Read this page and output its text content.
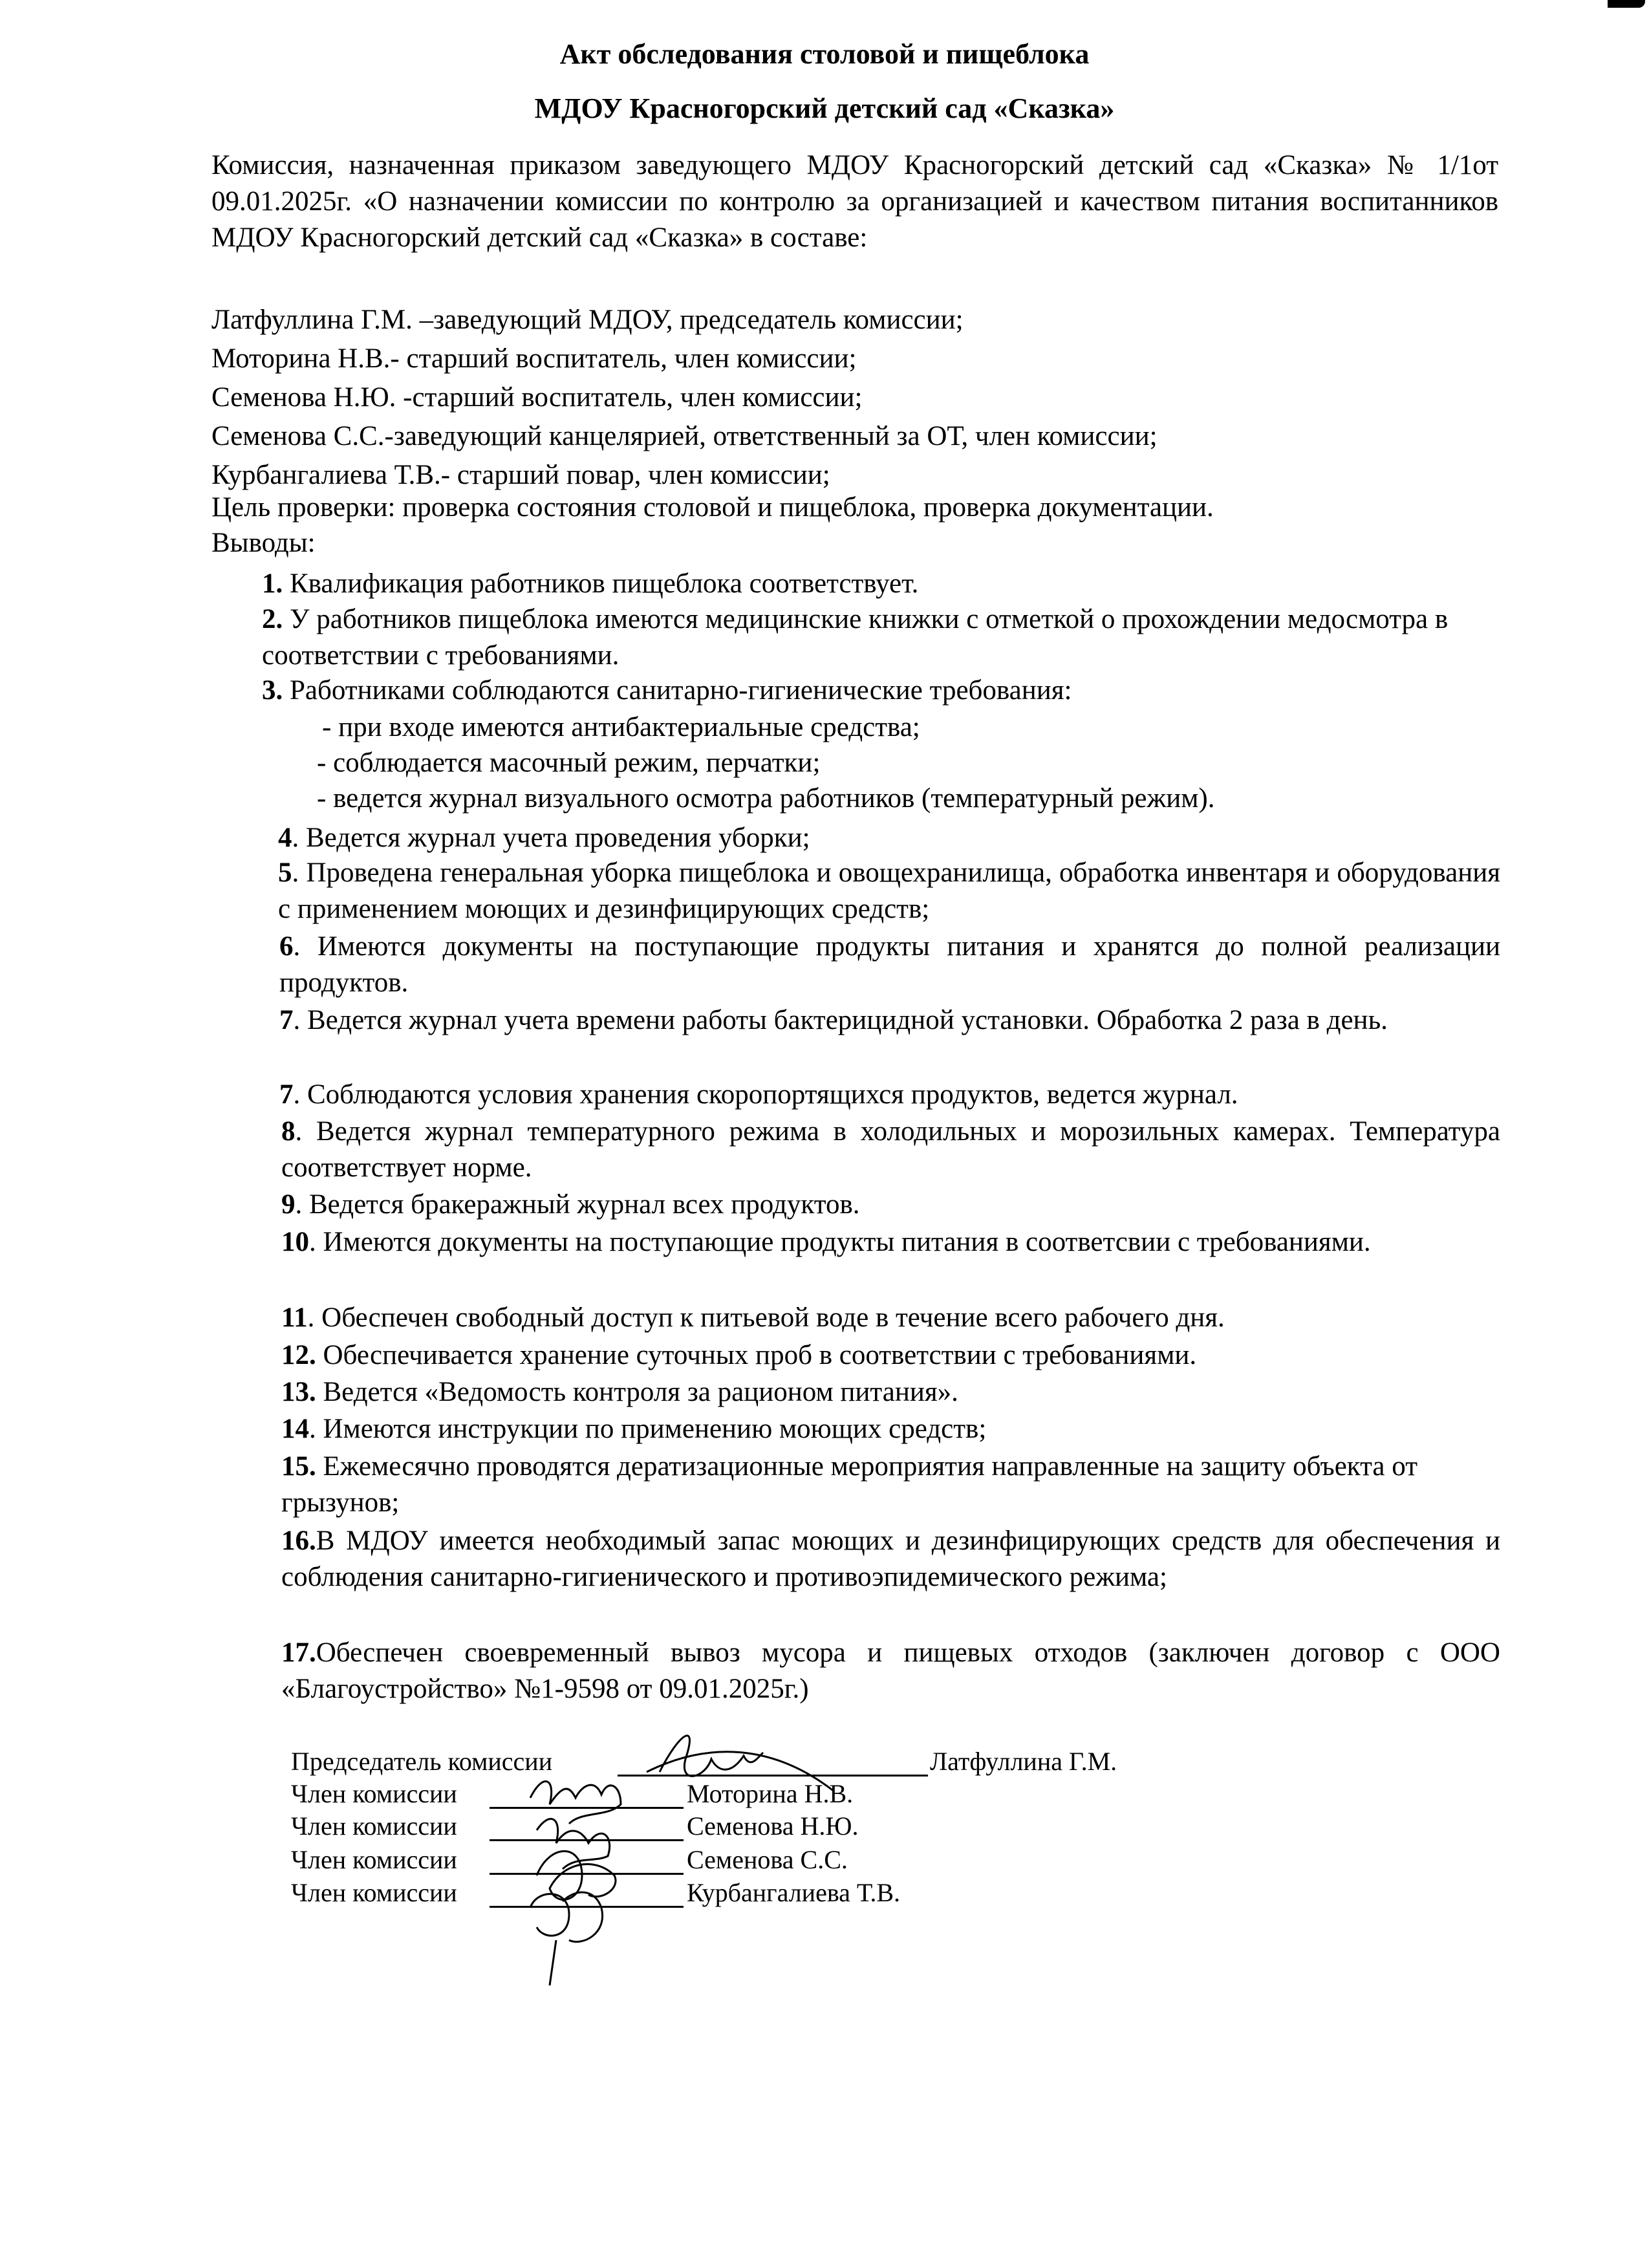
Акт обследования столовой и пищеблока
МДОУ Красногорский детский сад «Сказка»
Комиссия, назначенная приказом заведующего МДОУ Красногорский детский сад «Сказка» № 1/1от 09.01.2025г. «О назначении комиссии по контролю за организацией и качеством питания воспитанников МДОУ Красногорский детский сад «Сказка» в составе:
Латфуллина Г.М. –заведующий МДОУ, председатель комиссии;
Моторина Н.В.- старший воспитатель, член комиссии;
Семенова Н.Ю. -старший воспитатель, член комиссии;
Семенова С.С.-заведующий канцелярией, ответственный за ОТ, член комиссии;
Курбангалиева Т.В.- старший повар, член комиссии;
Цель проверки: проверка состояния столовой и пищеблока, проверка документации.
Выводы:
1. Квалификация работников пищеблока соответствует.
2. У работников пищеблока имеются медицинские книжки с отметкой о прохождении медосмотра в соответствии с требованиями.
3. Работниками соблюдаются санитарно-гигиенические требования:
- при входе имеются антибактериальные средства;
- соблюдается масочный режим, перчатки;
- ведется журнал визуального осмотра работников (температурный режим).
4. Ведется журнал учета проведения уборки;
5. Проведена генеральная уборка пищеблока и овощехранилища, обработка инвентаря и оборудования с применением моющих и дезинфицирующих средств;
6. Имеются документы на поступающие продукты питания и хранятся до полной реализации продуктов.
7. Ведется журнал учета времени работы бактерицидной установки. Обработка 2 раза в день.
7. Соблюдаются условия хранения скоропортящихся продуктов, ведется журнал.
8. Ведется журнал температурного режима в холодильных и морозильных камерах. Температура соответствует норме.
9. Ведется бракеражный журнал всех продуктов.
10. Имеются документы на поступающие продукты питания в соответсвии с требованиями.
11. Обеспечен свободный доступ к питьевой воде в течение всего рабочего дня.
12. Обеспечивается хранение суточных проб в соответствии с требованиями.
13. Ведется «Ведомость контроля за рационом питания».
14. Имеются инструкции по применению моющих средств;
15. Ежемесячно проводятся дератизационные мероприятия направленные на защиту объекта от грызунов;
16.В МДОУ имеется необходимый запас моющих и дезинфицирующих средств для обеспечения и соблюдения санитарно-гигиенического и противоэпидемического режима;
17.Обеспечен своевременный вывоз мусора и пищевых отходов (заключен договор с ООО «Благоустройство» №1-9598 от 09.01.2025г.)
Председатель комиссии	Латфуллина Г.М.
Член комиссии	Моторина Н.В.
Член комиссии	Семенова Н.Ю.
Член комиссии	Семенова С.С.
Член комиссии	Курбангалиева Т.В.
